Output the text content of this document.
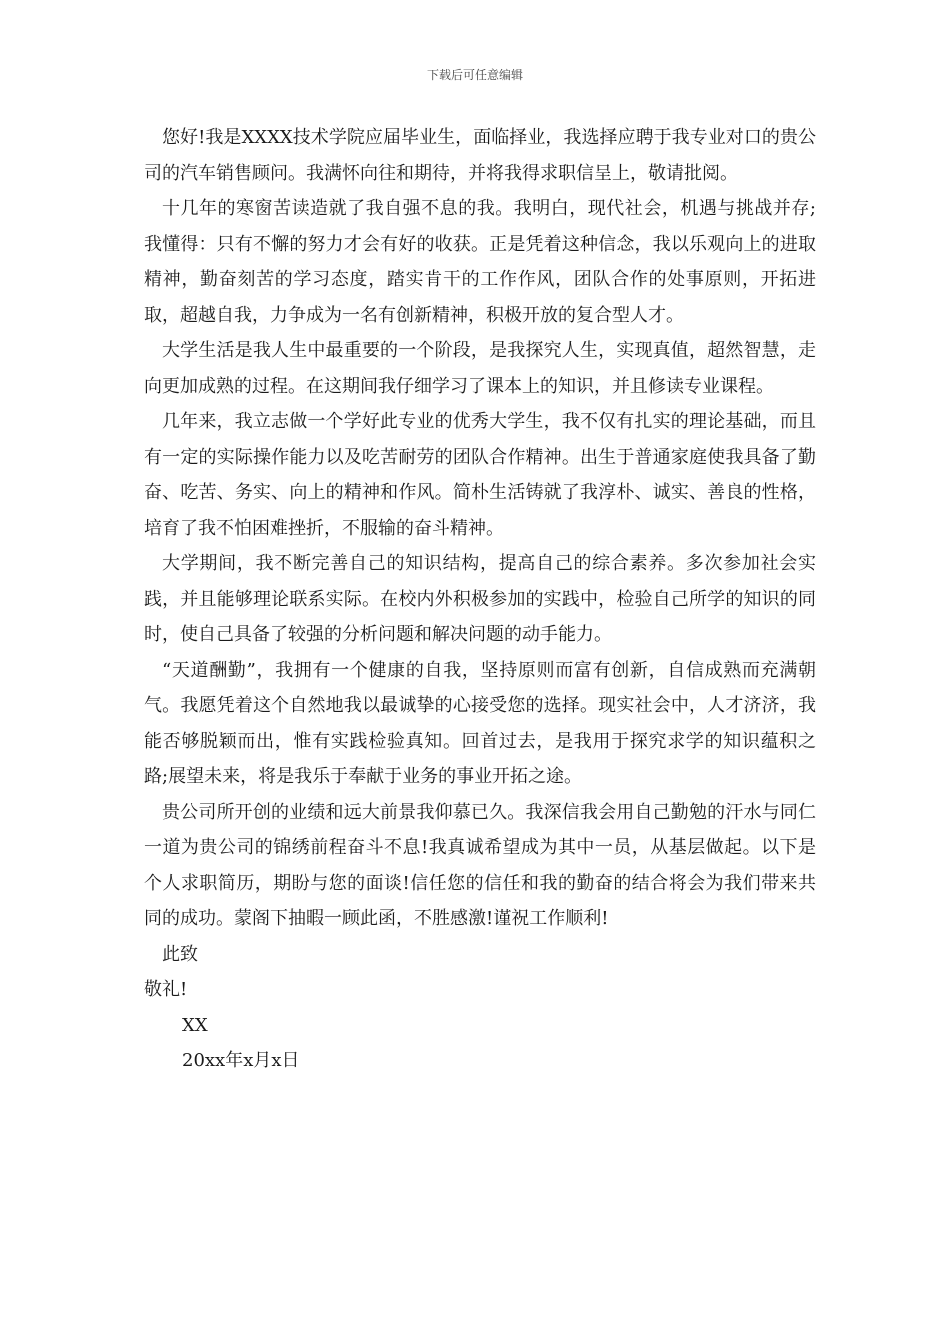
下载后可任意编辑

您好!我是XXXX技术学院应届毕业生，面临择业，我选择应聘于我专业对口的贵公司的汽车销售顾问。我满怀向往和期待，并将我得求职信呈上，敬请批阅。

十几年的寒窗苦读造就了我自强不息的我。我明白，现代社会，机遇与挑战并存;我懂得：只有不懈的努力才会有好的收获。正是凭着这种信念，我以乐观向上的进取精神，勤奋刻苦的学习态度，踏实肯干的工作作风，团队合作的处事原则，开拓进取，超越自我，力争成为一名有创新精神，积极开放的复合型人才。

大学生活是我人生中最重要的一个阶段，是我探究人生，实现真值，超然智慧，走向更加成熟的过程。在这期间我仔细学习了课本上的知识，并且修读专业课程。

几年来，我立志做一个学好此专业的优秀大学生，我不仅有扎实的理论基础，而且有一定的实际操作能力以及吃苦耐劳的团队合作精神。出生于普通家庭使我具备了勤奋、吃苦、务实、向上的精神和作风。简朴生活铸就了我淳朴、诚实、善良的性格，培育了我不怕困难挫折，不服输的奋斗精神。

大学期间，我不断完善自己的知识结构，提高自己的综合素养。多次参加社会实践，并且能够理论联系实际。在校内外积极参加的实践中，检验自己所学的知识的同时，使自己具备了较强的分析问题和解决问题的动手能力。

“天道酬勤”，我拥有一个健康的自我，坚持原则而富有创新，自信成熟而充满朝气。我愿凭着这个自然地我以最诚挚的心接受您的选择。现实社会中，人才济济，我能否够脱颖而出，惟有实践检验真知。回首过去，是我用于探究求学的知识蕴积之路;展望未来，将是我乐于奉献于业务的事业开拓之途。

贵公司所开创的业绩和远大前景我仰慕已久。我深信我会用自己勤勉的汗水与同仁一道为贵公司的锦绣前程奋斗不息!我真诚希望成为其中一员，从基层做起。以下是个人求职简历，期盼与您的面谈!信任您的信任和我的勤奋的结合将会为我们带来共同的成功。蒙阁下抽暇一顾此函，不胜感激!谨祝工作顺利!

此致

敬礼!

XX

20xx年x月x日
